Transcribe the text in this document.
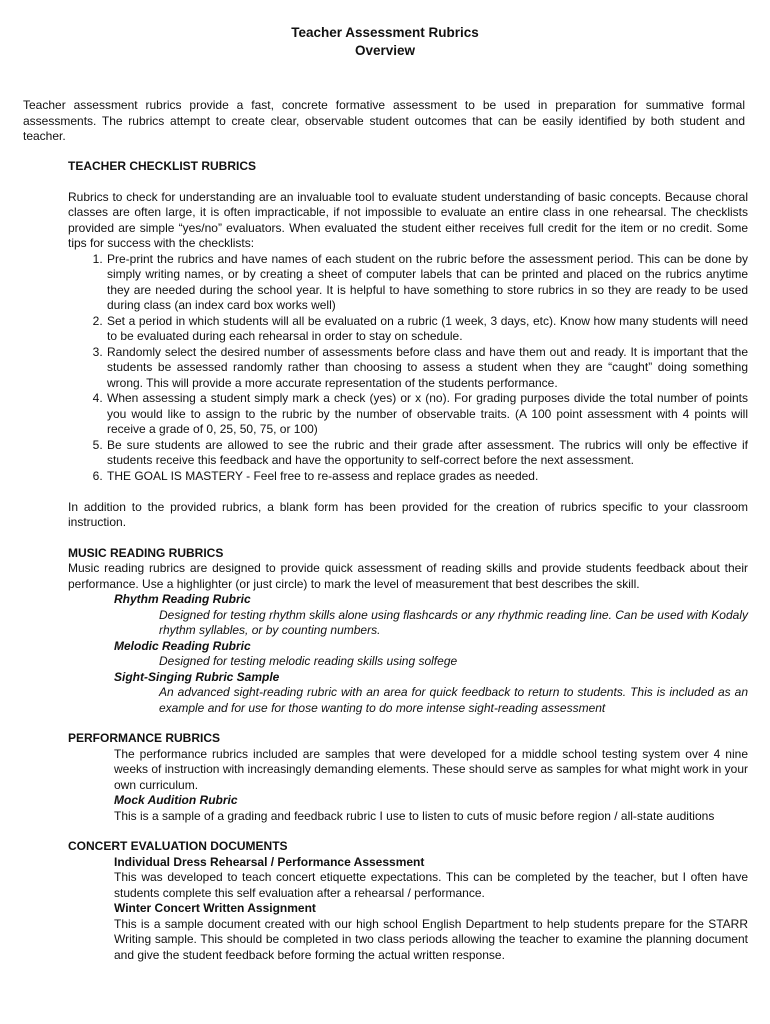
Teacher Assessment Rubrics
Overview
Teacher assessment rubrics provide a fast, concrete formative assessment to be used in preparation for summative formal assessments. The rubrics attempt to create clear, observable student outcomes that can be easily identified by both student and teacher.
TEACHER CHECKLIST RUBRICS
Rubrics to check for understanding are an invaluable tool to evaluate student understanding of basic concepts. Because choral classes are often large, it is often impracticable, if not impossible to evaluate an entire class in one rehearsal. The checklists provided are simple “yes/no” evaluators. When evaluated the student either receives full credit for the item or no credit. Some tips for success with the checklists:
1. Pre-print the rubrics and have names of each student on the rubric before the assessment period. This can be done by simply writing names, or by creating a sheet of computer labels that can be printed and placed on the rubrics anytime they are needed during the school year. It is helpful to have something to store rubrics in so they are ready to be used during class (an index card box works well)
2. Set a period in which students will all be evaluated on a rubric (1 week, 3 days, etc). Know how many students will need to be evaluated during each rehearsal in order to stay on schedule.
3. Randomly select the desired number of assessments before class and have them out and ready. It is important that the students be assessed randomly rather than choosing to assess a student when they are “caught” doing something wrong. This will provide a more accurate representation of the students performance.
4. When assessing a student simply mark a check (yes) or x (no). For grading purposes divide the total number of points you would like to assign to the rubric by the number of observable traits. (A 100 point assessment with 4 points will receive a grade of 0, 25, 50, 75, or 100)
5. Be sure students are allowed to see the rubric and their grade after assessment. The rubrics will only be effective if students receive this feedback and have the opportunity to self-correct before the next assessment.
6. THE GOAL IS MASTERY - Feel free to re-assess and replace grades as needed.
In addition to the provided rubrics, a blank form has been provided for the creation of rubrics specific to your classroom instruction.
MUSIC READING RUBRICS
Music reading rubrics are designed to provide quick assessment of reading skills and provide students feedback about their performance. Use a highlighter (or just circle) to mark the level of measurement that best describes the skill.
Rhythm Reading Rubric
Designed for testing rhythm skills alone using flashcards or any rhythmic reading line. Can be used with Kodaly rhythm syllables, or by counting numbers.
Melodic Reading Rubric
Designed for testing melodic reading skills using solfege
Sight-Singing Rubric Sample
An advanced sight-reading rubric with an area for quick feedback to return to students. This is included as an example and for use for those wanting to do more intense sight-reading assessment
PERFORMANCE RUBRICS
The performance rubrics included are samples that were developed for a middle school testing system over 4 nine weeks of instruction with increasingly demanding elements. These should serve as samples for what might work in your own curriculum.
Mock Audition Rubric
This is a sample of a grading and feedback rubric I use to listen to cuts of music before region / all-state auditions
CONCERT EVALUATION DOCUMENTS
Individual Dress Rehearsal / Performance Assessment
This was developed to teach concert etiquette expectations. This can be completed by the teacher, but I often have students complete this self evaluation after a rehearsal / performance.
Winter Concert Written Assignment
This is a sample document created with our high school English Department to help students prepare for the STARR Writing sample. This should be completed in two class periods allowing the teacher to examine the planning document and give the student feedback before forming the actual written response.
